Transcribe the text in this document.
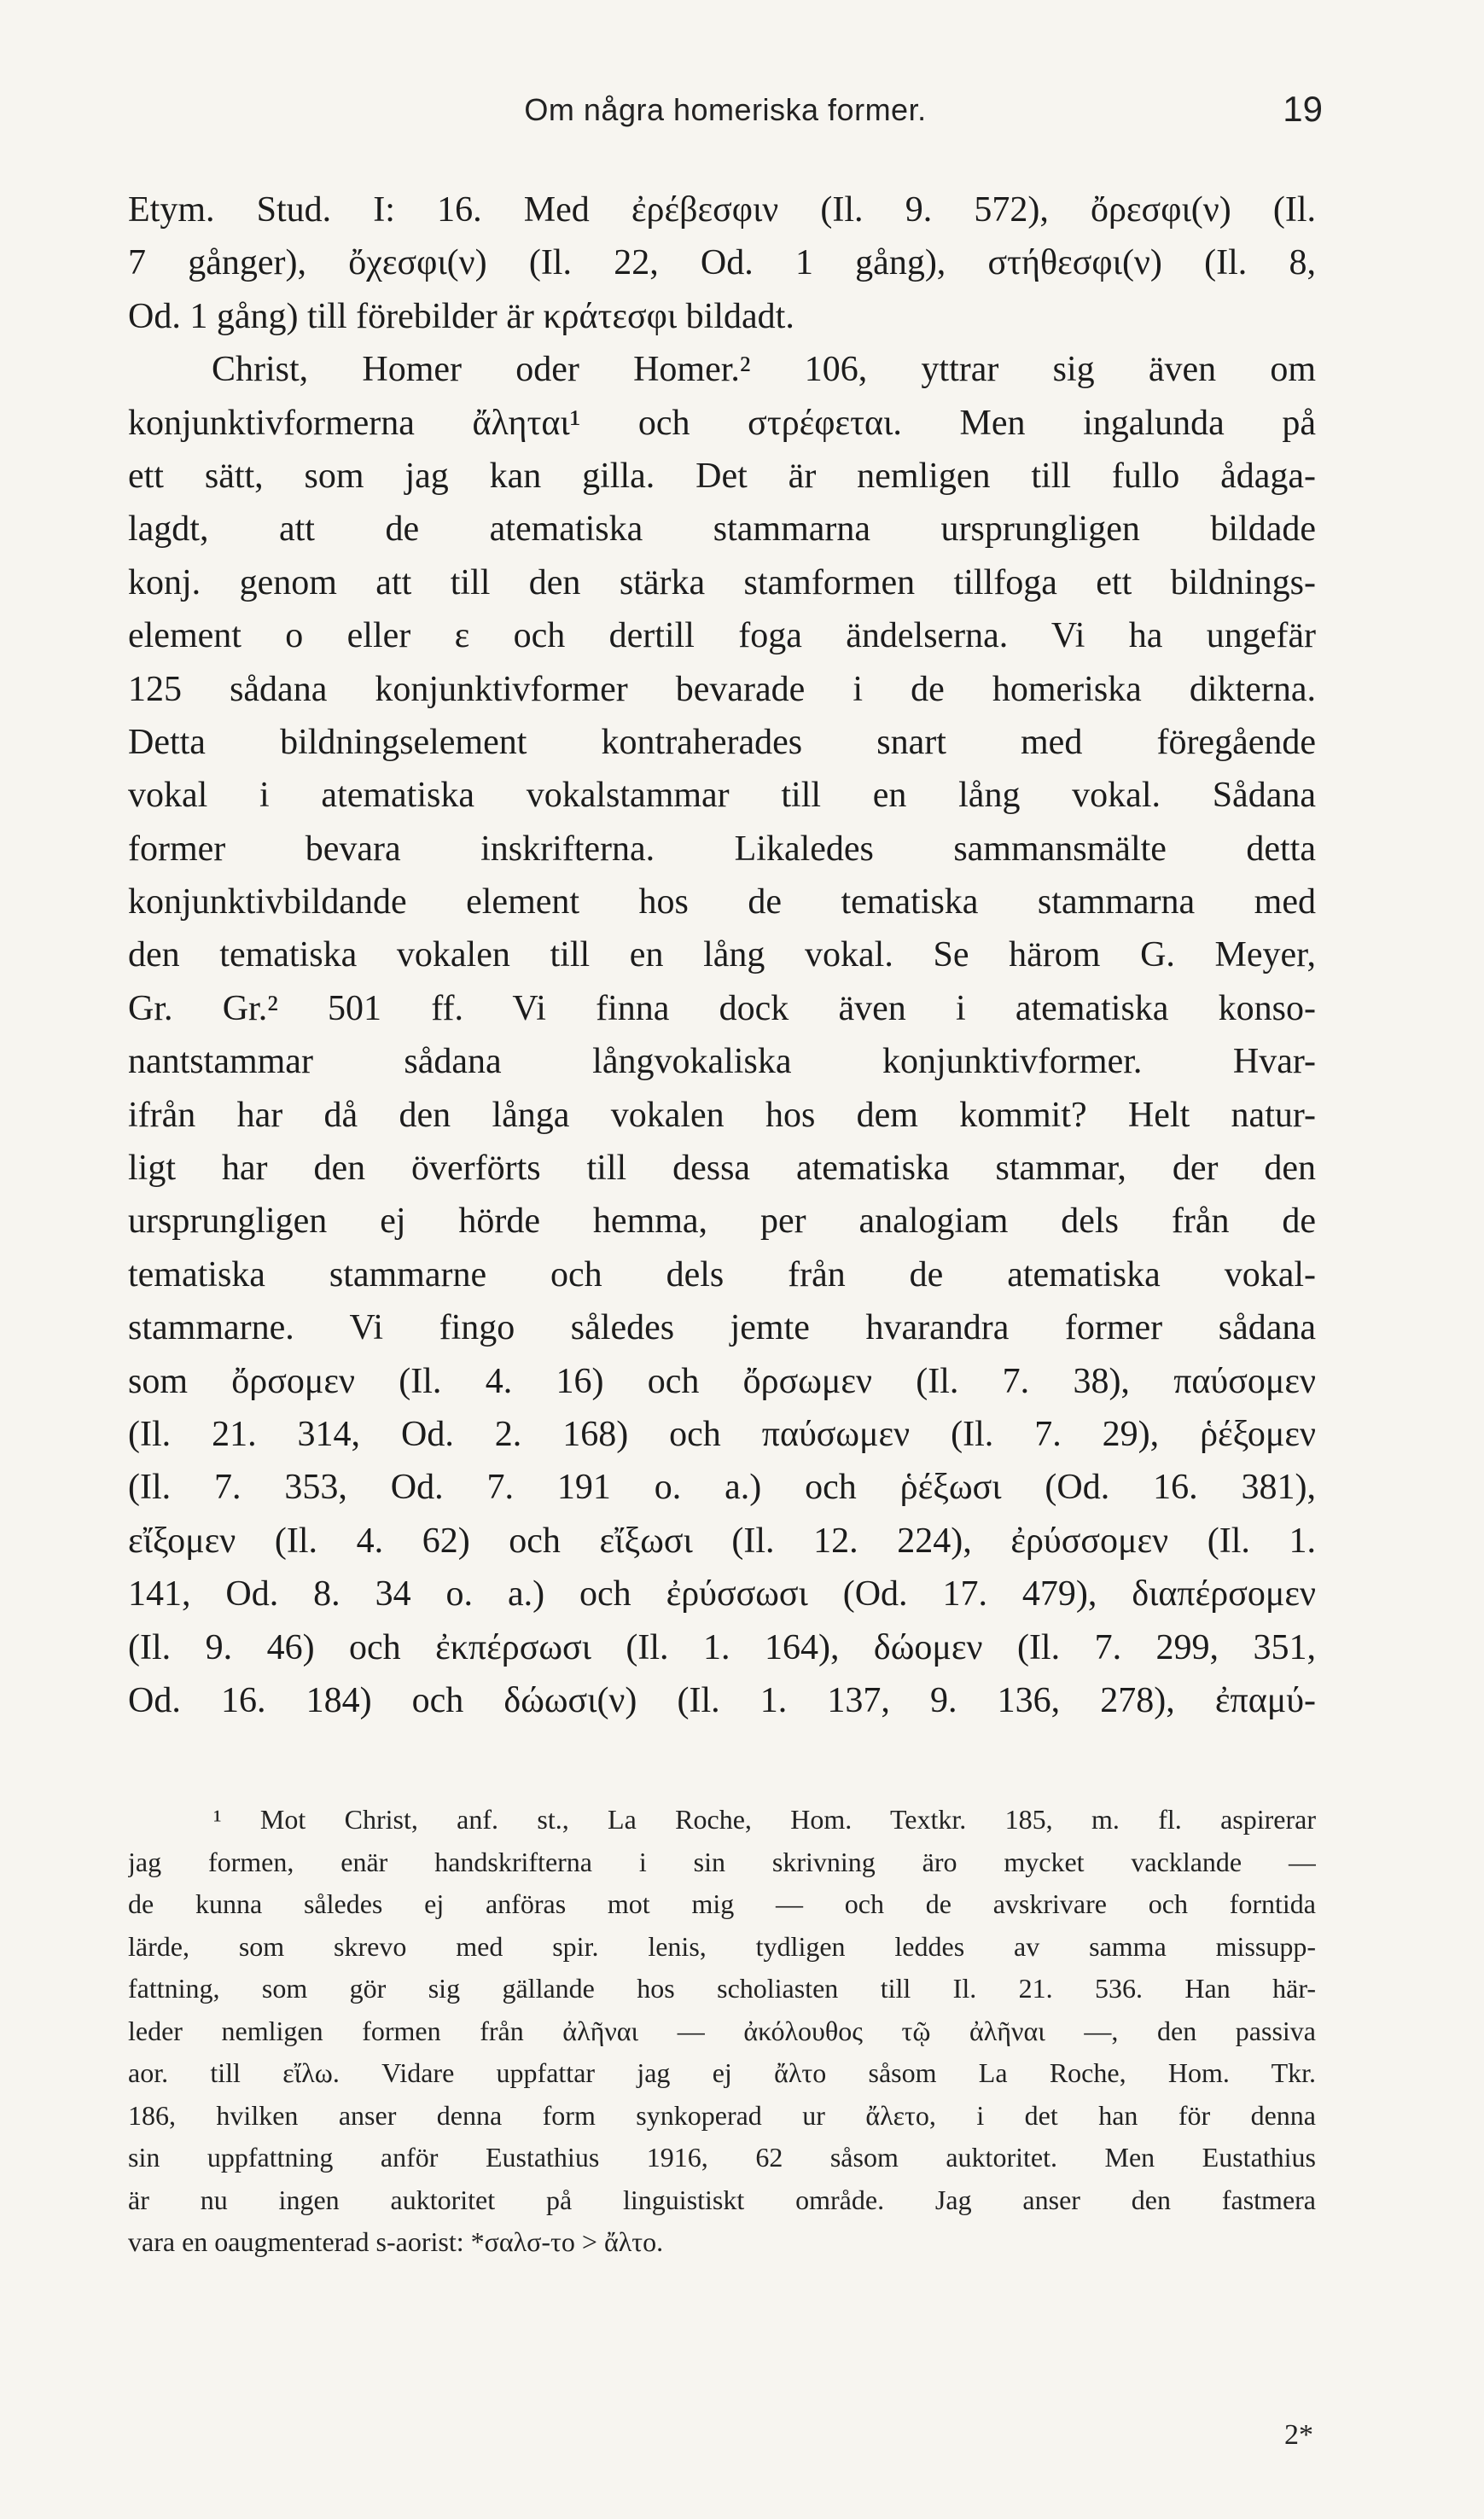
Om några homeriska former.	19
Etym. Stud. I: 16. Med ἐρέβεσφιν (Il. 9. 572), ὄρεσφι(ν) (Il.
7 gånger), ὄχεσφι(ν) (Il. 22, Od. 1 gång), στήθεσφι(ν) (Il. 8,
Od. 1 gång) till förebilder är κράτεσφι bildadt.
Christ, Homer oder Homer.² 106, yttrar sig även om
konjunktivformerna ἄληται¹ och στρέφεται. Men ingalunda på
ett sätt, som jag kan gilla. Det är nemligen till fullo ådaga-
lagdt, att de atematiska stammarna ursprungligen bildade
konj. genom att till den stärka stamformen tillfoga ett bildnings-
element ο eller ε och dertill foga ändelserna. Vi ha ungefär
125 sådana konjunktivformer bevarade i de homeriska dikterna.
Detta bildningselement kontraherades snart med föregående
vokal i atematiska vokalstammar till en lång vokal. Sådana
former bevara inskrifterna. Likaledes sammansmälte detta
konjunktivbildande element hos de tematiska stammarna med
den tematiska vokalen till en lång vokal. Se härom G. Meyer,
Gr. Gr.² 501 ff. Vi finna dock även i atematiska konso-
nantstammar sådana långvokaliska konjunktivformer. Hvar-
ifrån har då den långa vokalen hos dem kommit? Helt natur-
ligt har den överförts till dessa atematiska stammar, der den
ursprungligen ej hörde hemma, per analogiam dels från de
tematiska stammarne och dels från de atematiska vokal-
stammarne. Vi fingo således jemte hvarandra former sådana
som ὄρσομεν (Il. 4. 16) och ὄρσωμεν (Il. 7. 38), παύσομεν
(Il. 21. 314, Od. 2. 168) och παύσωμεν (Il. 7. 29), ῥέξομεν
(Il. 7. 353, Od. 7. 191 o. a.) och ῥέξωσι (Od. 16. 381),
εἴξομεν (Il. 4. 62) och εἴξωσι (Il. 12. 224), ἐρύσσομεν (Il. 1.
141, Od. 8. 34 o. a.) och ἐρύσσωσι (Od. 17. 479), διαπέρσομεν
(Il. 9. 46) och ἐκπέρσωσι (Il. 1. 164), δώομεν (Il. 7. 299, 351,
Od. 16. 184) och δώωσι(ν) (Il. 1. 137, 9. 136, 278), ἐπαμύ-
¹ Mot Christ, anf. st., La Roche, Hom. Textkr. 185, m. fl. aspirerar
jag formen, enär handskrifterna i sin skrivning äro mycket vacklande —
de kunna således ej anföras mot mig — och de avskrivare och forntida
lärde, som skrevo med spir. lenis, tydligen leddes av samma missupp-
fattning, som gör sig gällande hos scholiasten till Il. 21. 536. Han här-
leder nemligen formen från ἀλῆναι — ἀκόλουθος τῷ ἀλῆναι —, den passiva
aor. till εἴλω. Vidare uppfattar jag ej ἄλτο såsom La Roche, Hom. Tkr.
186, hvilken anser denna form synkoperad ur ἄλετο, i det han för denna
sin uppfattning anför Eustathius 1916, 62 såsom auktoritet. Men Eustathius
är nu ingen auktoritet på linguistiskt område. Jag anser den fastmera
vara en oaugmenterad s-aorist: *σαλσ-το > ἄλτο.
2*
